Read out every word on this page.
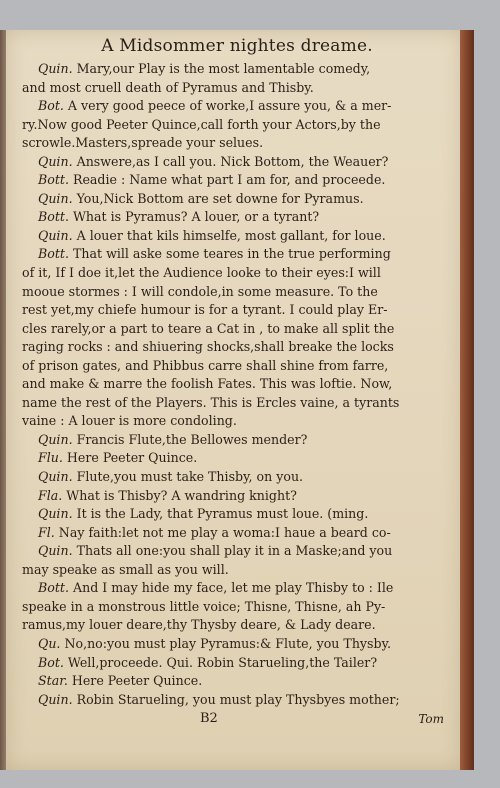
A Midsommer nightes dreame.
Quin. Mary,our Play is the most lamentable comedy,
and most cruell death of Pyramus and Thisby.
Bot. A very good peece of worke,I assure you, & a mer-
ry.Now good Peeter Quince,call forth your Actors,by the
scrowle.Masters,spreade your selues.
Quin. Answere,as I call you. Nick Bottom, the Weauer?
Bott. Readie : Name what part I am for, and proceede.
Quin. You,Nick Bottom are set downe for Pyramus.
Bott. What is Pyramus? A louer, or a tyrant?
Quin. A louer that kils himselfe, most gallant, for loue.
Bott. That will aske some teares in the true performing
of it, If I doe it,let the Audience looke to their eyes:I will
mooue stormes : I will condole,in some measure. To the
rest yet,my chiefe humour is for a tyrant. I could play Er-
cles rarely,or a part to teare a Cat in , to make all split the
raging rocks : and shiuering shocks,shall breake the locks
of prison gates, and Phibbus carre shall shine from farre,
and make & marre the foolish Fates. This was loftie. Now,
name the rest of the Players. This is Ercles vaine, a tyrants
vaine : A louer is more condoling.
Quin. Francis Flute,the Bellowes mender?
Flu. Here Peeter Quince.
Quin. Flute,you must take Thisby, on you.
Fla. What is Thisby? A wandring knight?
Quin. It is the Lady, that Pyramus must loue. (ming.
Fl. Nay faith:let not me play a woma:I haue a beard co-
Quin. Thats all one:you shall play it in a Maske;and you
may speake as small as you will.
Bott. And I may hide my face, let me play Thisby to : Ile
speake in a monstrous little voice; Thisne, Thisne, ah Py-
ramus,my louer deare,thy Thysby deare, & Lady deare.
Qu. No,no:you must play Pyramus:& Flute, you Thysby.
Bot. Well,proceede. Qui. Robin Starueling,the Tailer?
Star. Here Peeter Quince.
Quin. Robin Starueling, you must play Thysbyes mother;
B2	Tom
